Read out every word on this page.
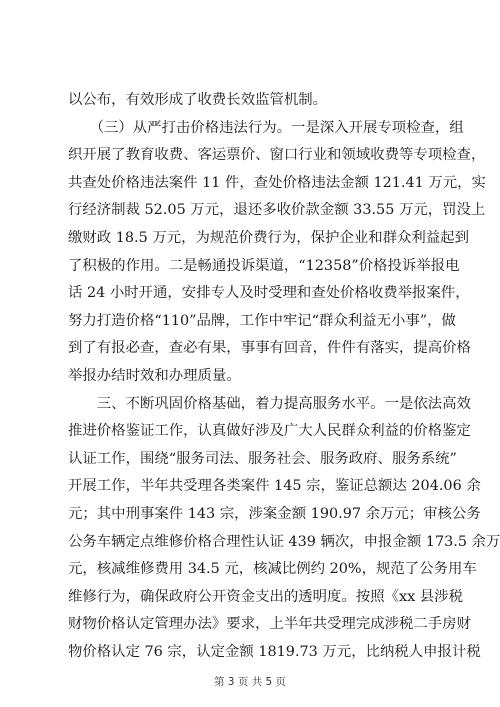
以公布，有效形成了收费长效监管机制。
　　（三）从严打击价格违法行为。一是深入开展专项检查，组
织开展了教育收费、客运票价、窗口行业和领域收费等专项检查，
共查处价格违法案件 11 件，查处价格违法金额 121.41 万元，实
行经济制裁 52.05 万元，退还多收价款金额 33.55 万元，罚没上
缴财政 18.5 万元，为规范价费行为，保护企业和群众利益起到
了积极的作用。二是畅通投诉渠道，“12358”价格投诉举报电
话 24 小时开通，安排专人及时受理和查处价格收费举报案件，
努力打造价格“110”品牌，工作中牢记“群众利益无小事”，做
到了有报必查，查必有果，事事有回音，件件有落实，提高价格
举报办结时效和办理质量。
　　三、不断巩固价格基础，着力提高服务水平。一是依法高效
推进价格鉴证工作，认真做好涉及广大人民群众利益的价格鉴定
认证工作，围绕“服务司法、服务社会、服务政府、服务系统”
开展工作，半年共受理各类案件 145 宗，鉴证总额达 204.06 余
元；其中刑事案件 143 宗，涉案金额 190.97 余万元；审核公务
公务车辆定点维修价格合理性认证 439 辆次，申报金额 173.5 余万
元，核减维修费用 34.5 元，核减比例约 20%，规范了公务用车
维修行为，确保政府公开资金支出的透明度。按照《xx 县涉税
财物价格认定管理办法》要求，上半年共受理完成涉税二手房财
物价格认定 76 宗，认定金额 1819.73 万元，比纳税人申报计税
第 3 页 共 5 页
